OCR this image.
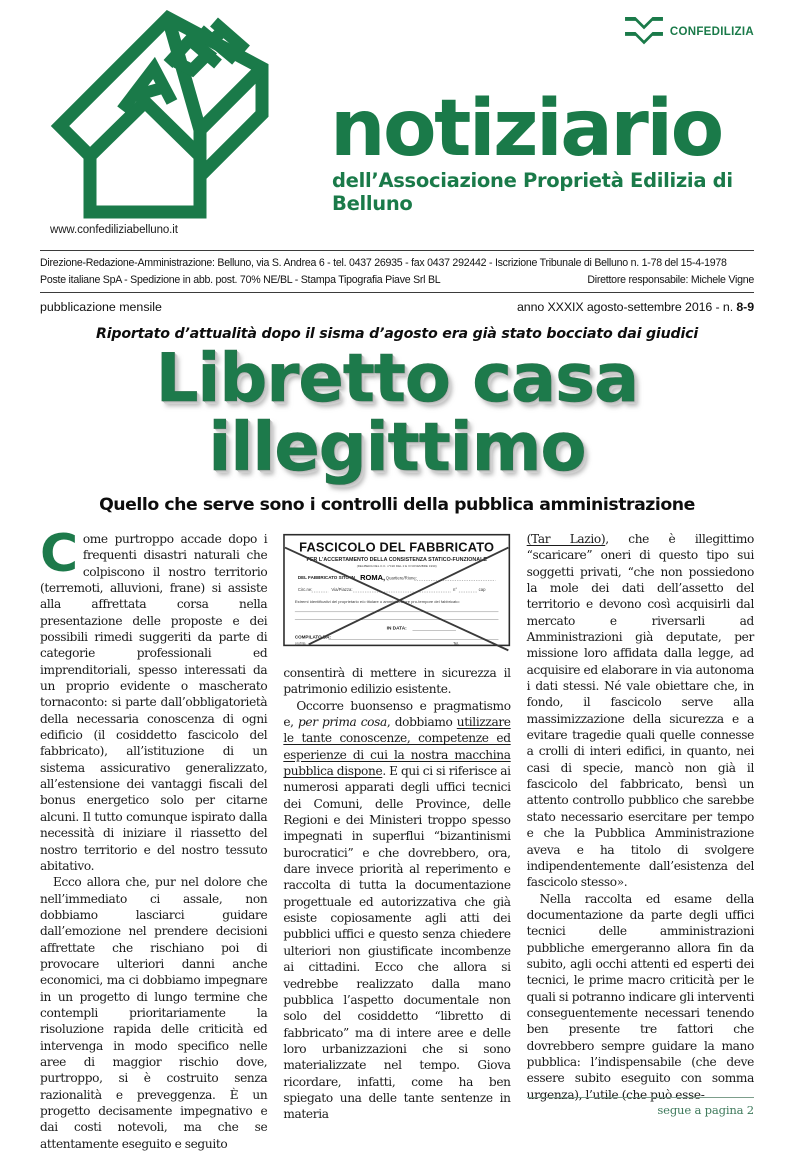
CONFEDILIZIA
notiziario
dell’Associazione Proprietà Edilizia di Belluno
www.confediliziabelluno.it
Direzione-Redazione-Amministrazione: Belluno, via S. Andrea 6 - tel. 0437 26935 - fax 0437 292442 - Iscrizione Tribunale di Belluno n. 1-78 del 15-4-1978
Poste italiane SpA - Spedizione in abb. post. 70% NE/BL - Stampa Tipografia Piave Srl BL	Direttore responsabile: Michele Vigne
pubblicazione mensile	anno XXXIX agosto-settembre 2016 - n. 8-9
Riportato d’attualità dopo il sisma d’agosto era già stato bocciato dai giudici
Libretto casa illegittimo
Quello che serve sono i controlli della pubblica amministrazione
Come purtroppo accade dopo i frequenti disastri naturali che colpiscono il nostro territorio (terremoti, alluvioni, frane) si assiste alla affrettata corsa nella presentazione delle proposte e dei possibili rimedi suggeriti da parte di categorie professionali ed imprenditoriali, spesso interessati da un proprio evidente o mascherato tornaconto: si parte dall’obbligatorietà della necessaria conoscenza di ogni edificio (il cosiddetto fascicolo del fabbricato), all’istituzione di un sistema assicurativo generalizzato, all’estensione dei vantaggi fiscali del bonus energetico solo per citarne alcuni. Il tutto comunque ispirato dalla necessità di iniziare il riassetto del nostro territorio e del nostro tessuto abitativo.
Ecco allora che, pur nel dolore che nell’immediato ci assale, non dobbiamo lasciarci guidare dall’emozione nel prendere decisioni affrettate che rischiano poi di provocare ulteriori danni anche economici, ma ci dobbiamo impegnare in un progetto di lungo termine che contempli prioritariamente la risoluzione rapida delle criticità ed intervenga in modo specifico nelle aree di maggior rischio dove, purtroppo, si è costruito senza razionalità e preveggenza. È un progetto decisamente impegnativo e dai costi notevoli, ma che se attentamente eseguito e seguito
FASCICOLO DEL FABBRICATO
PER L'ACCERTAMENTO DELLA CONSISTENZA STATICO-FUNZIONALE
(DELIBERA DEL C.C. n°190 DEL 2 E 3 NOVEMBRE 1999)
DEL FABBRICATO SITO IN ROMA, Quartiere/Rione:
Circ.ne:	Via/Piazza:	n°	cap
Estremi identificativi del proprietario e/o titolare o amministratore pro-tempore del fabbricato:
IN DATA:
COMPILATO DA:
prof/lla	Tel.
consentirà di mettere in sicurezza il patrimonio edilizio esistente.
Occorre buonsenso e pragmatismo e, per prima cosa, dobbiamo utilizzare le tante conoscenze, competenze ed esperienze di cui la nostra macchina pubblica dispone. E qui ci si riferisce ai numerosi apparati degli uffici tecnici dei Comuni, delle Province, delle Regioni e dei Ministeri troppo spesso impegnati in superflui “bizantinismi burocratici” e che dovrebbero, ora, dare invece priorità al reperimento e raccolta di tutta la documentazione progettuale ed autorizzativa che già esiste copiosamente agli atti dei pubblici uffici e questo senza chiedere ulteriori non giustificate incombenze ai cittadini. Ecco che allora si vedrebbe realizzato dalla mano pubblica l’aspetto documentale non solo del cosiddetto “libretto di fabbricato” ma di intere aree e delle loro urbanizzazioni che si sono materializzate nel tempo. Giova ricordare, infatti, come ha ben spiegato una delle tante sentenze in materia
(Tar Lazio), che è illegittimo “scaricare” oneri di questo tipo sui soggetti privati, “che non possiedono la mole dei dati dell’assetto del territorio e devono così acquisirli dal mercato e riversarli ad Amministrazioni già deputate, per missione loro affidata dalla legge, ad acquisire ed elaborare in via autonoma i dati stessi. Né vale obiettare che, in fondo, il fascicolo serve alla massimizzazione della sicurezza e a evitare tragedie quali quelle connesse a crolli di interi edifici, in quanto, nei casi di specie, mancò non già il fascicolo del fabbricato, bensì un attento controllo pubblico che sarebbe stato necessario esercitare per tempo e che la Pubblica Amministrazione aveva e ha titolo di svolgere indipendentemente dall’esistenza del fascicolo stesso».
Nella raccolta ed esame della documentazione da parte degli uffici tecnici delle amministrazioni pubbliche emergeranno allora fin da subito, agli occhi attenti ed esperti dei tecnici, le prime macro criticità per le quali si potranno indicare gli interventi conseguentemente necessari tenendo ben presente tre fattori che dovrebbero sempre guidare la mano pubblica: l’indispensabile (che deve essere subito eseguito con somma urgenza), l’utile (che può esse-
segue a pagina 2
